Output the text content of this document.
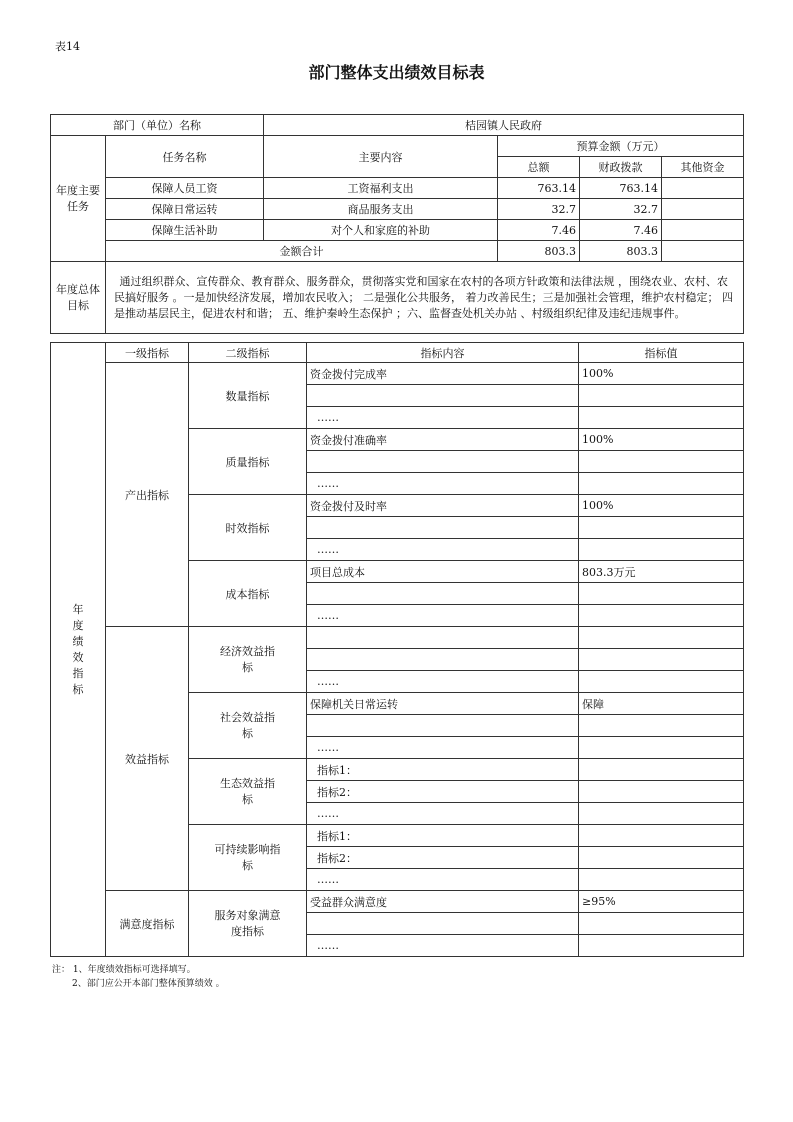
表14
部门整体支出绩效目标表
部门（单位）名称		桔园镇人民政府			
年度主要任务	任务名称	主要内容	预算金额（万元）		
			总额	财政拨款	其他资金
	保障人员工资	工资福利支出	763.14	763.14	
	保障日常运转	商品服务支出	32.7	32.7	
	保障生活补助	对个人和家庭的补助	7.46	7.46	
	金额合计		803.3	803.3	
年度总体目标	通过组织群众、宣传群众、教育群众、服务群众，贯彻落实党和国家在农村的各项方针政策和法律法规 ，围绕农业、农村、农民搞好服务 。一是加快经济发展，增加农民收入； 二是强化公共服务， 着力改善民生；三是加强社会管理，维护农村稳定； 四是推动基层民主，促进农村和谐； 五、维护秦岭生态保护 ；六、监督查处机关办站 、村级组织纪律及违纪违规事件。				
年度绩效指标	一级指标	二级指标	指标内容	指标值
	产出指标	数量指标	资金拨付完成率	100%

			……	
		质量指标	资金拨付准确率	100%

			……	
		时效指标	资金拨付及时率	100%

			……	
		成本指标	项目总成本	803.3万元

			……	
	效益指标	经济效益指标		

			……	
		社会效益指标	保障机关日常运转	保障

			……	
		生态效益指标	指标1：	
			指标2：	
			……	
		可持续影响指标	指标1：	
			指标2：	
			……	
	满意度指标	服务对象满意度指标	受益群众满意度	≥95%

			……	
注： 1、年度绩效指标可选择填写。
2、部门应公开本部门整体预算绩效 。
